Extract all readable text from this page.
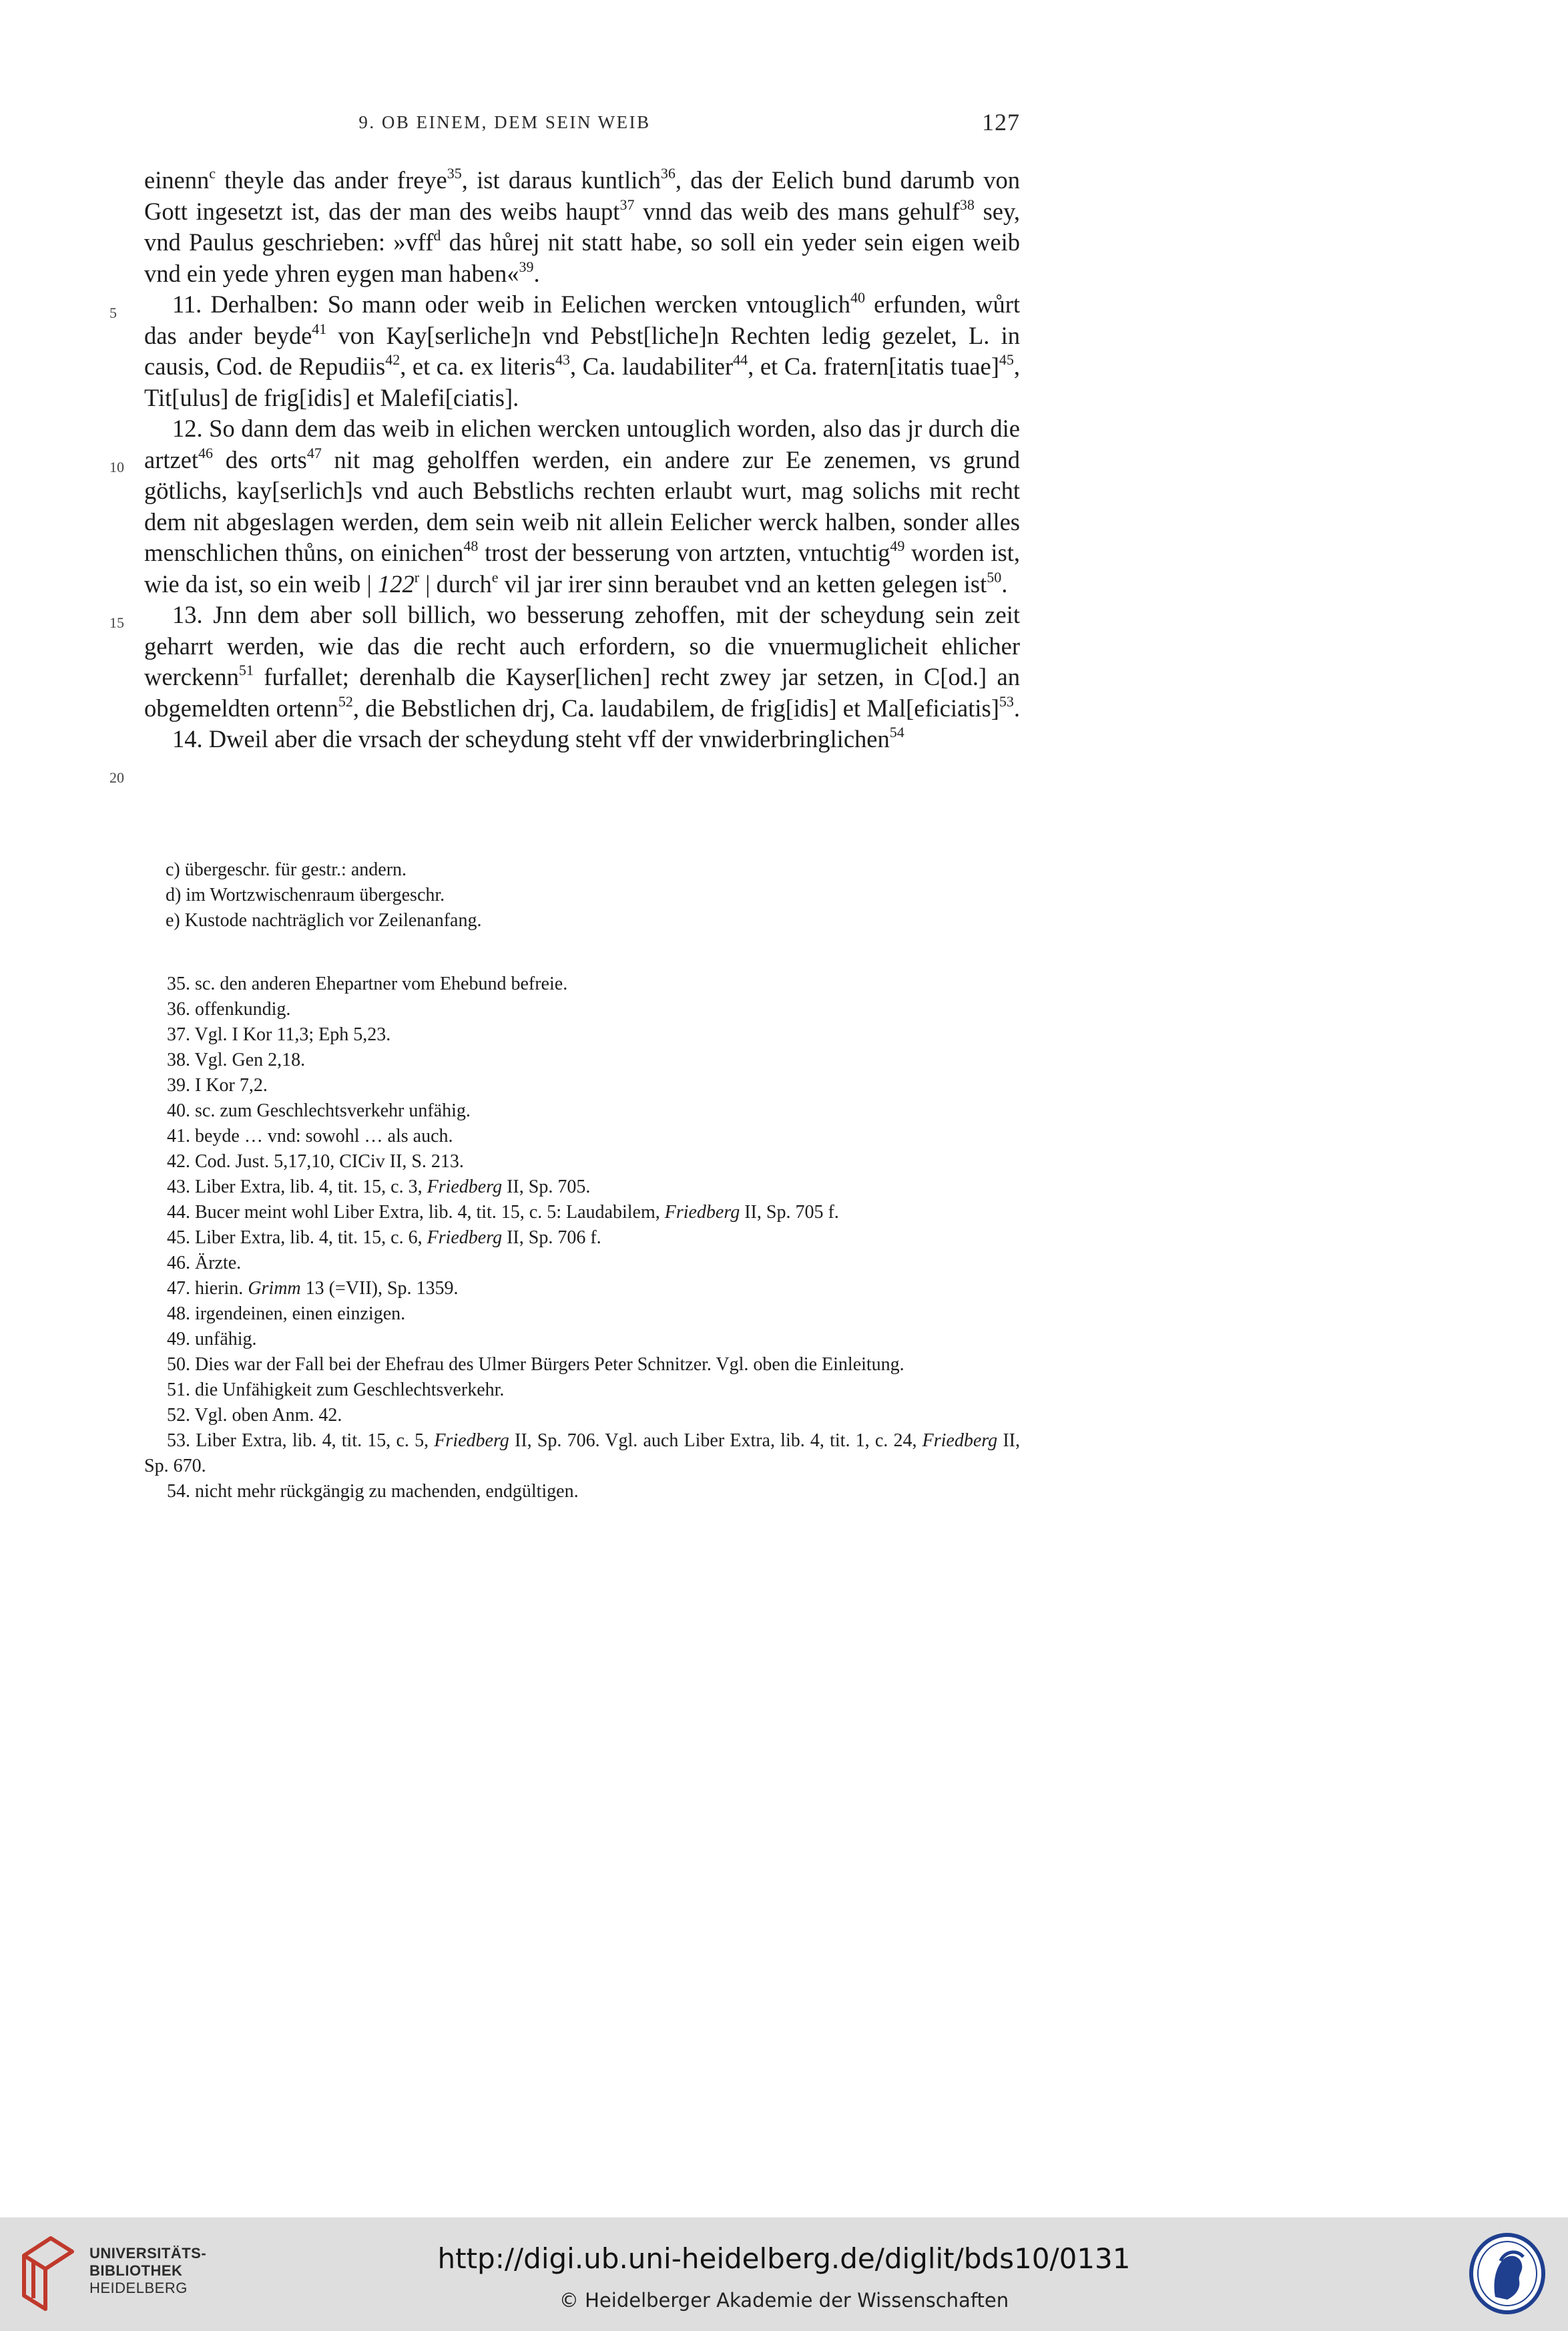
9. OB EINEM, DEM SEIN WEIB	127
5
10
15
20

einenn$^c$ theyle das ander freye$^{35}$, ist daraus kuntlich$^{36}$, das der Eelich bund darumb von Gott ingesetzt ist, das der man des weibs haupt$^{37}$ vnnd das weib des mans gehulf$^{38}$ sey, vnd Paulus geschrieben: »vff$^d$ das hůrej nit statt habe, so soll ein yeder sein eigen weib vnd ein yede yhren eygen man haben«$^{39}$.

11. Derhalben: So mann oder weib in Eelichen wercken vntouglich$^{40}$ erfunden, wůrt das ander beyde$^{41}$ von Kay[serliche]n vnd Pebst[liche]n Rechten ledig gezelet, L. in causis, Cod. de Repudiis$^{42}$, et ca. ex literis$^{43}$, Ca. laudabiliter$^{44}$, et Ca. fratern[itatis tuae]$^{45}$, Tit[ulus] de frig[idis] et Malefi[ciatis].

12. So dann dem das weib in elichen wercken untouglich worden, also das jr durch die artzet$^{46}$ des orts$^{47}$ nit mag geholffen werden, ein andere zur Ee zenemen, vs grund götlichs, kay[serlich]s vnd auch Bebstlichs rechten erlaubt wurt, mag solichs mit recht dem nit abgeslagen werden, dem sein weib nit allein Eelicher werck halben, sonder alles menschlichen thůns, on einichen$^{48}$ trost der besserung von artzten, vntuchtig$^{49}$ worden ist, wie da ist, so ein weib | 122$^r$ | durch$^e$ vil jar irer sinn beraubet vnd an ketten gelegen ist$^{50}$.

13. Jnn dem aber soll billich, wo besserung zehoffen, mit der scheydung sein zeit geharrt werden, wie das die recht auch erfordern, so die vnuermuglicheit ehlicher werckenn$^{51}$ furfallet; derenhalb die Kayser[lichen] recht zwey jar setzen, in C[od.] an obgemeldten ortenn$^{52}$, die Bebstlichen drj, Ca. laudabilem, de frig[idis] et Mal[eficiatis]$^{53}$.

14. Dweil aber die vrsach der scheydung steht vff der vnwiderbringlichen$^{54}$

c) übergeschr. für gestr.: andern.
d) im Wortzwischenraum übergeschr.
e) Kustode nachträglich vor Zeilenanfang.
35. sc. den anderen Ehepartner vom Ehebund befreie.
36. offenkundig.
37. Vgl. I Kor 11,3; Eph 5,23.
38. Vgl. Gen 2,18.
39. I Kor 7,2.
40. sc. zum Geschlechtsverkehr unfähig.
41. beyde … vnd: sowohl … als auch.
42. Cod. Just. 5,17,10, CICiv II, S. 213.
43. Liber Extra, lib. 4, tit. 15, c. 3, Friedberg II, Sp. 705.
44. Bucer meint wohl Liber Extra, lib. 4, tit. 15, c. 5: Laudabilem, Friedberg II, Sp. 705 f.
45. Liber Extra, lib. 4, tit. 15, c. 6, Friedberg II, Sp. 706 f.
46. Ärzte.
47. hierin. Grimm 13 (=VII), Sp. 1359.
48. irgendeinen, einen einzigen.
49. unfähig.
50. Dies war der Fall bei der Ehefrau des Ulmer Bürgers Peter Schnitzer. Vgl. oben die Einleitung.
51. die Unfähigkeit zum Geschlechtsverkehr.
52. Vgl. oben Anm. 42.
53. Liber Extra, lib. 4, tit. 15, c. 5, Friedberg II, Sp. 706. Vgl. auch Liber Extra, lib. 4, tit. 1, c. 24, Friedberg II, Sp. 670.
54. nicht mehr rückgängig zu machenden, endgültigen.
UNIVERSITÄTS-
BIBLIOTHEK
HEIDELBERG
http://digi.ub.uni-heidelberg.de/diglit/bds10/0131
© Heidelberger Akademie der Wissenschaften
